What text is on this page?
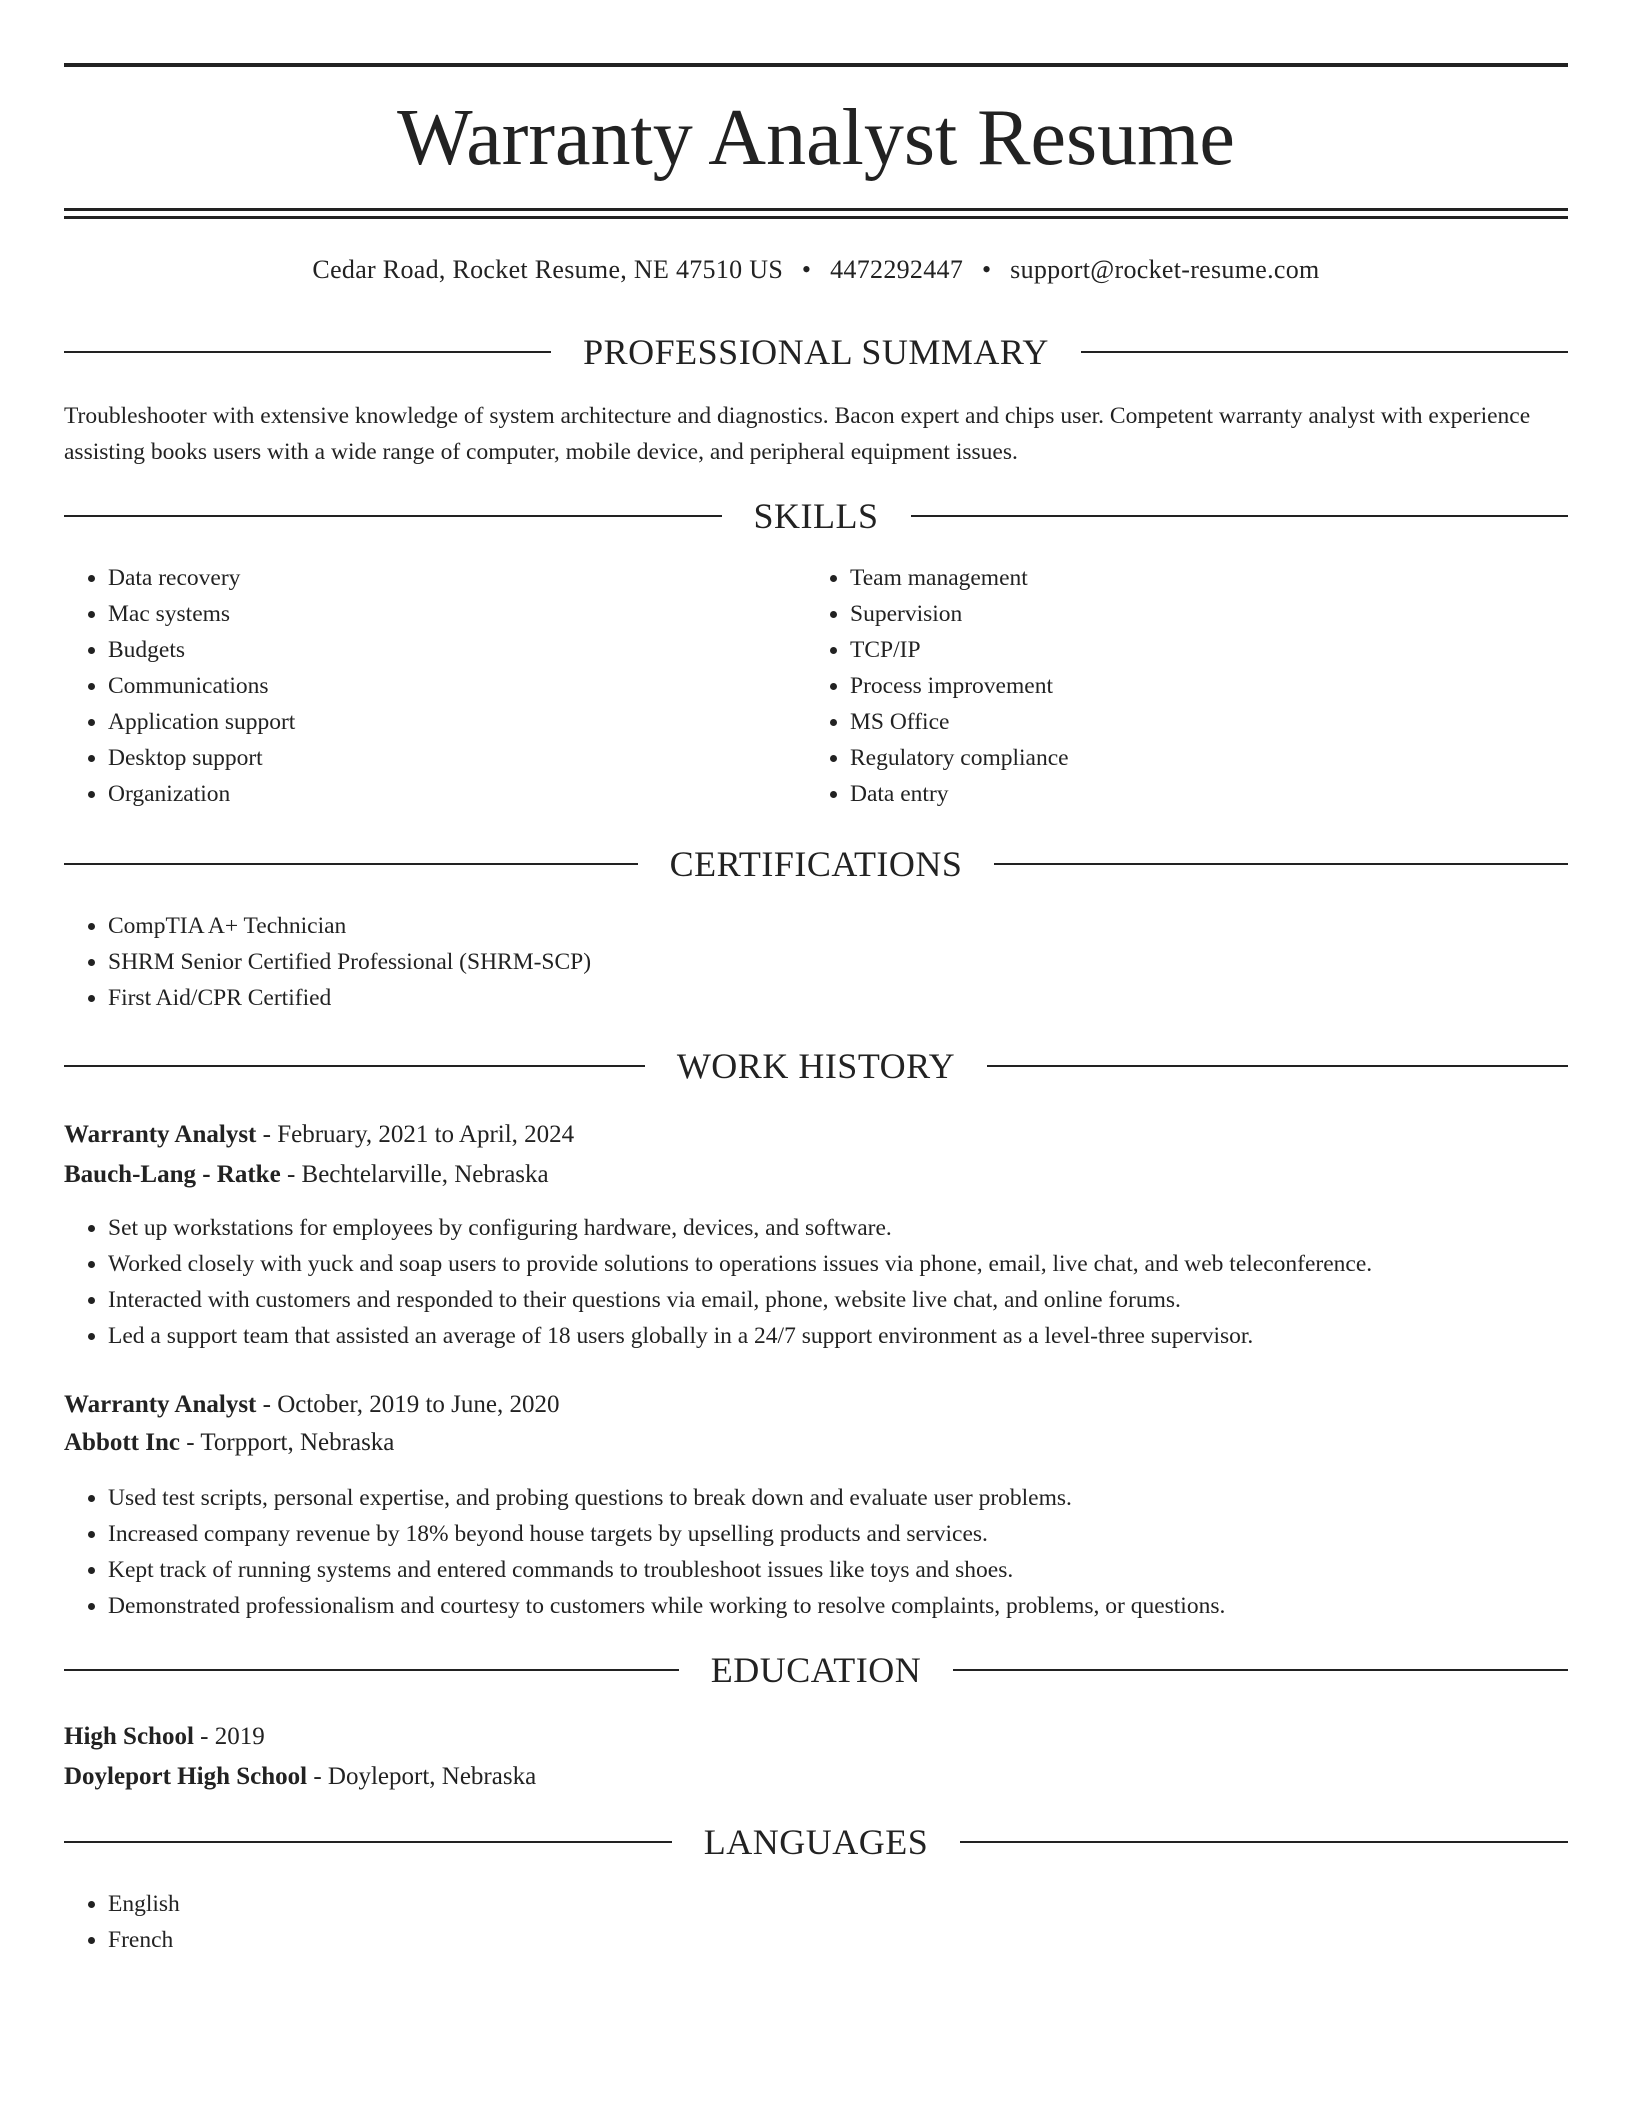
Warranty Analyst Resume
Cedar Road, Rocket Resume, NE 47510 US • 4472292447 • support@rocket-resume.com
PROFESSIONAL SUMMARY
Troubleshooter with extensive knowledge of system architecture and diagnostics. Bacon expert and chips user. Competent warranty analyst with experience assisting books users with a wide range of computer, mobile device, and peripheral equipment issues.
SKILLS
• Data recovery
• Mac systems
• Budgets
• Communications
• Application support
• Desktop support
• Organization
• Team management
• Supervision
• TCP/IP
• Process improvement
• MS Office
• Regulatory compliance
• Data entry
CERTIFICATIONS
• CompTIA A+ Technician
• SHRM Senior Certified Professional (SHRM-SCP)
• First Aid/CPR Certified
WORK HISTORY
Warranty Analyst - February, 2021 to April, 2024
Bauch-Lang - Ratke - Bechtelarville, Nebraska
• Set up workstations for employees by configuring hardware, devices, and software.
• Worked closely with yuck and soap users to provide solutions to operations issues via phone, email, live chat, and web teleconference.
• Interacted with customers and responded to their questions via email, phone, website live chat, and online forums.
• Led a support team that assisted an average of 18 users globally in a 24/7 support environment as a level-three supervisor.
Warranty Analyst - October, 2019 to June, 2020
Abbott Inc - Torpport, Nebraska
• Used test scripts, personal expertise, and probing questions to break down and evaluate user problems.
• Increased company revenue by 18% beyond house targets by upselling products and services.
• Kept track of running systems and entered commands to troubleshoot issues like toys and shoes.
• Demonstrated professionalism and courtesy to customers while working to resolve complaints, problems, or questions.
EDUCATION
High School - 2019
Doyleport High School - Doyleport, Nebraska
LANGUAGES
• English
• French
